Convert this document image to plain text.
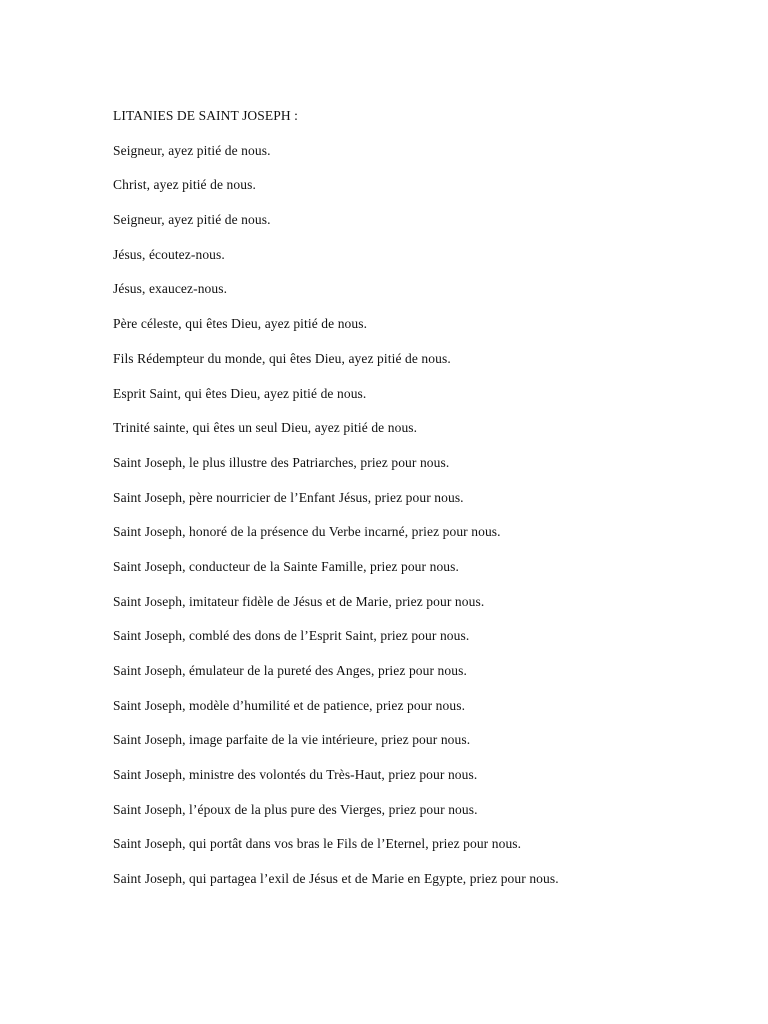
LITANIES DE SAINT JOSEPH :
Seigneur, ayez pitié de nous.
Christ, ayez pitié de nous.
Seigneur, ayez pitié de nous.
Jésus, écoutez-nous.
Jésus, exaucez-nous.
Père céleste, qui êtes Dieu, ayez pitié de nous.
Fils Rédempteur du monde, qui êtes Dieu, ayez pitié de nous.
Esprit Saint, qui êtes Dieu, ayez pitié de nous.
Trinité sainte, qui êtes un seul Dieu, ayez pitié de nous.
Saint Joseph, le plus illustre des Patriarches, priez pour nous.
Saint Joseph, père nourricier de l’Enfant Jésus, priez pour nous.
Saint Joseph, honoré de la présence du Verbe incarné, priez pour nous.
Saint Joseph, conducteur de la Sainte Famille, priez pour nous.
Saint Joseph, imitateur fidèle de Jésus et de Marie, priez pour nous.
Saint Joseph, comblé des dons de l’Esprit Saint, priez pour nous.
Saint Joseph, émulateur de la pureté des Anges, priez pour nous.
Saint Joseph, modèle d’humilité et de patience, priez pour nous.
Saint Joseph, image parfaite de la vie intérieure, priez pour nous.
Saint Joseph, ministre des volontés du Très-Haut, priez pour nous.
Saint Joseph, l’époux de la plus pure des Vierges, priez pour nous.
Saint Joseph, qui portât dans vos bras le Fils de l’Eternel, priez pour nous.
Saint Joseph, qui partagea l’exil de Jésus et de Marie en Egypte, priez pour nous.
